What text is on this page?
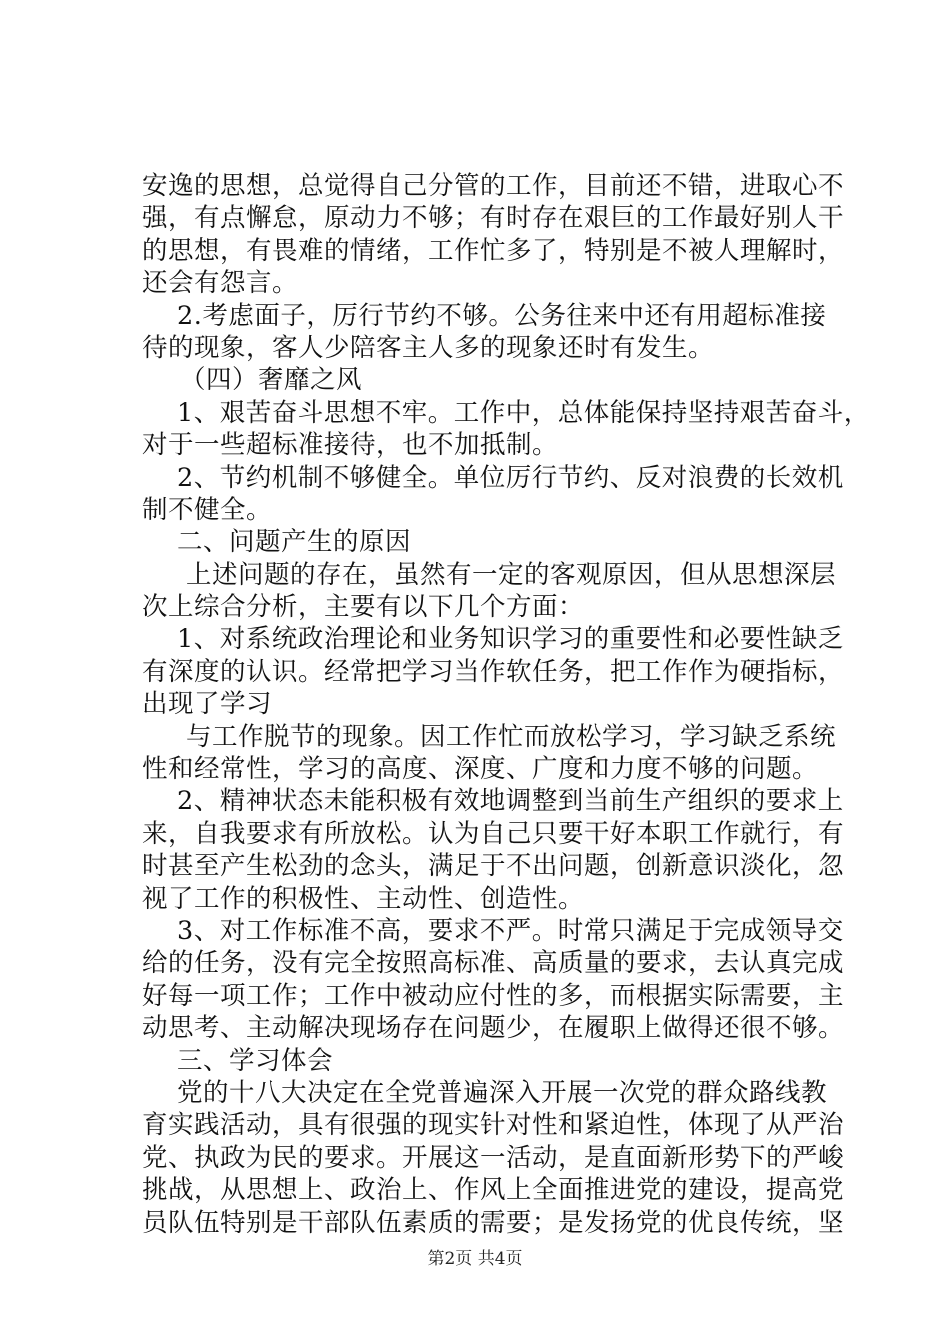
安逸的思想，总觉得自己分管的工作，目前还不错，进取心不
强，有点懈怠，原动力不够；有时存在艰巨的工作最好别人干
的思想，有畏难的情绪，工作忙多了，特别是不被人理解时，
还会有怨言。
2.考虑面子，厉行节约不够。公务往来中还有用超标准接
待的现象，客人少陪客主人多的现象还时有发生。
（四）奢靡之风
1、艰苦奋斗思想不牢。工作中，总体能保持坚持艰苦奋斗，
对于一些超标准接待，也不加抵制。
2、节约机制不够健全。单位厉行节约、反对浪费的长效机
制不健全。
二、问题产生的原因
上述问题的存在，虽然有一定的客观原因，但从思想深层
次上综合分析，主要有以下几个方面：
1、对系统政治理论和业务知识学习的重要性和必要性缺乏
有深度的认识。经常把学习当作软任务，把工作作为硬指标，
出现了学习
与工作脱节的现象。因工作忙而放松学习，学习缺乏系统
性和经常性，学习的高度、深度、广度和力度不够的问题。
2、精神状态未能积极有效地调整到当前生产组织的要求上
来，自我要求有所放松。认为自己只要干好本职工作就行，有
时甚至产生松劲的念头，满足于不出问题，创新意识淡化，忽
视了工作的积极性、主动性、创造性。
3、对工作标准不高，要求不严。时常只满足于完成领导交
给的任务，没有完全按照高标准、高质量的要求，去认真完成
好每一项工作；工作中被动应付性的多，而根据实际需要，主
动思考、主动解决现场存在问题少，在履职上做得还很不够。
三、学习体会
党的十八大决定在全党普遍深入开展一次党的群众路线教
育实践活动，具有很强的现实针对性和紧迫性，体现了从严治
党、执政为民的要求。开展这一活动，是直面新形势下的严峻
挑战，从思想上、政治上、作风上全面推进党的建设，提高党
员队伍特别是干部队伍素质的需要；是发扬党的优良传统，坚
第2页 共4页
